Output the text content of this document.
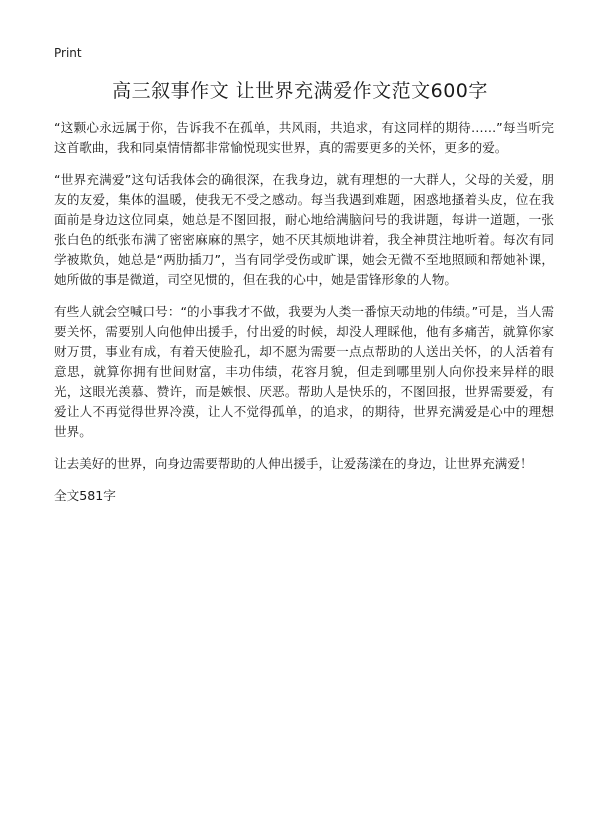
Print
高三叙事作文 让世界充满爱作文范文600字

“这颗心永远属于你，告诉我不在孤单，共风雨，共追求，有这同样的期待……”每当听完这首歌曲，我和同桌情情都非常愉悦现实世界，真的需要更多的关怀，更多的爱。

“世界充满爱”这句话我体会的确很深，在我身边，就有理想的一大群人，父母的关爱，朋友的友爱，集体的温暖，使我无不受之感动。每当我遇到难题，困惑地搔着头皮，位在我面前是身边这位同桌，她总是不图回报，耐心地给满脑问号的我讲题，每讲一道题，一张张白色的纸张布满了密密麻麻的黑字，她不厌其烦地讲着，我全神贯注地听着。每次有同学被欺负，她总是“两肋插刀”，当有同学受伤或旷课，她会无微不至地照顾和帮她补课，她所做的事是微道，司空见惯的，但在我的心中，她是雷锋形象的人物。

有些人就会空喊口号：“的小事我才不做，我要为人类一番惊天动地的伟绩。”可是，当人需要关怀，需要别人向他伸出援手，付出爱的时候，却没人理睬他，他有多痛苦，就算你家财万贯，事业有成，有着天使脸孔，却不愿为需要一点点帮助的人送出关怀，的人活着有意思，就算你拥有世间财富，丰功伟绩，花容月貌，但走到哪里别人向你投来异样的眼光，这眼光羡慕、赞许，而是嫉恨、厌恶。帮助人是快乐的，不图回报，世界需要爱，有爱让人不再觉得世界冷漠，让人不觉得孤单，的追求，的期待，世界充满爱是心中的理想世界。

让去美好的世界，向身边需要帮助的人伸出援手，让爱荡漾在的身边，让世界充满爱！

全文581字
